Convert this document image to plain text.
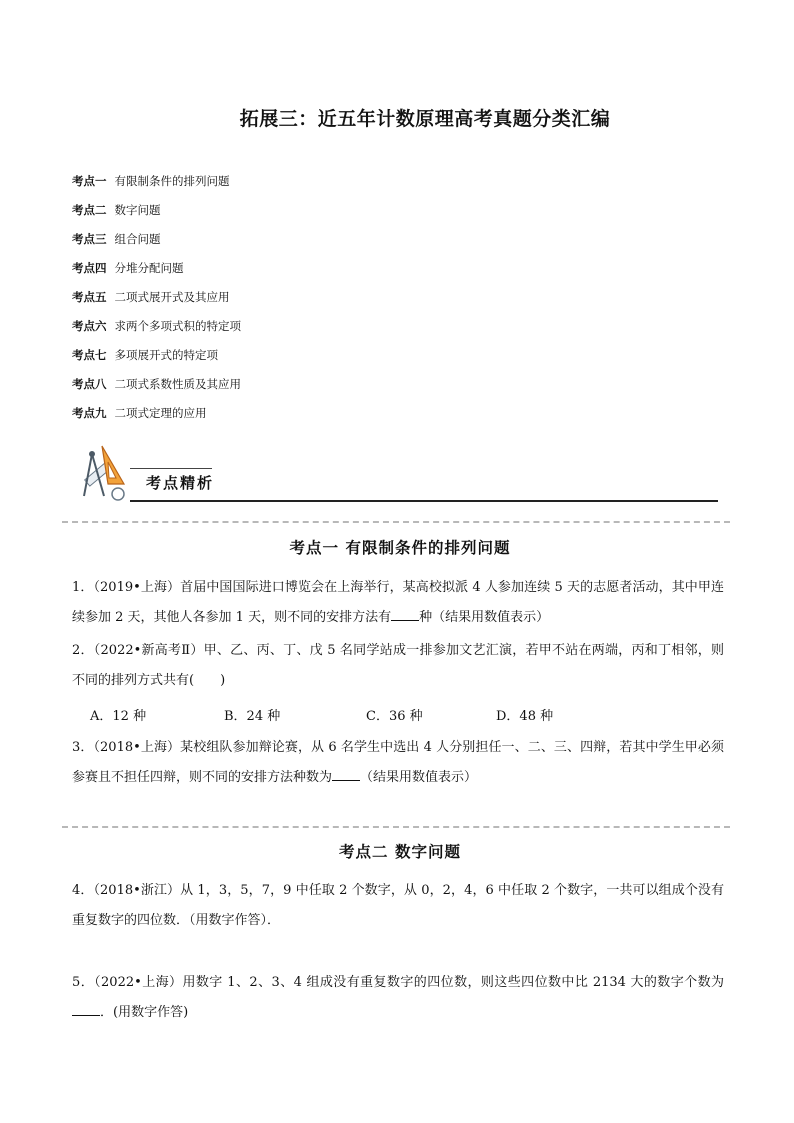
拓展三：近五年计数原理高考真题分类汇编
考点一 有限制条件的排列问题
考点二 数字问题
考点三 组合问题
考点四 分堆分配问题
考点五 二项式展开式及其应用
考点六 求两个多项式积的特定项
考点七 多项展开式的特定项
考点八 二项式系数性质及其应用
考点九 二项式定理的应用
考点精析
考点一 有限制条件的排列问题
1．（2019•上海）首届中国国际进口博览会在上海举行，某高校拟派 4 人参加连续 5 天的志愿者活动，其中甲连续参加 2 天，其他人各参加 1 天，则不同的安排方法有 种（结果用数值表示）
2．（2022•新高考Ⅱ）甲、乙、丙、丁、戊 5 名同学站成一排参加文艺汇演，若甲不站在两端，丙和丁相邻，则不同的排列方式共有(　　)
A．12 种	B．24 种	C．36 种	D．48 种
3．（2018•上海）某校组队参加辩论赛，从 6 名学生中选出 4 人分别担任一、二、三、四辩，若其中学生甲必须参赛且不担任四辩，则不同的安排方法种数为 （结果用数值表示）
考点二 数字问题
4．（2018•浙江）从 1，3，5，7，9 中任取 2 个数字，从 0，2，4，6 中任取 2 个数字，一共可以组成个没有重复数字的四位数．（用数字作答）．
5．（2022•上海）用数字 1、2、3、4 组成没有重复数字的四位数，则这些四位数中比 2134 大的数字个数为 ．(用数字作答)
